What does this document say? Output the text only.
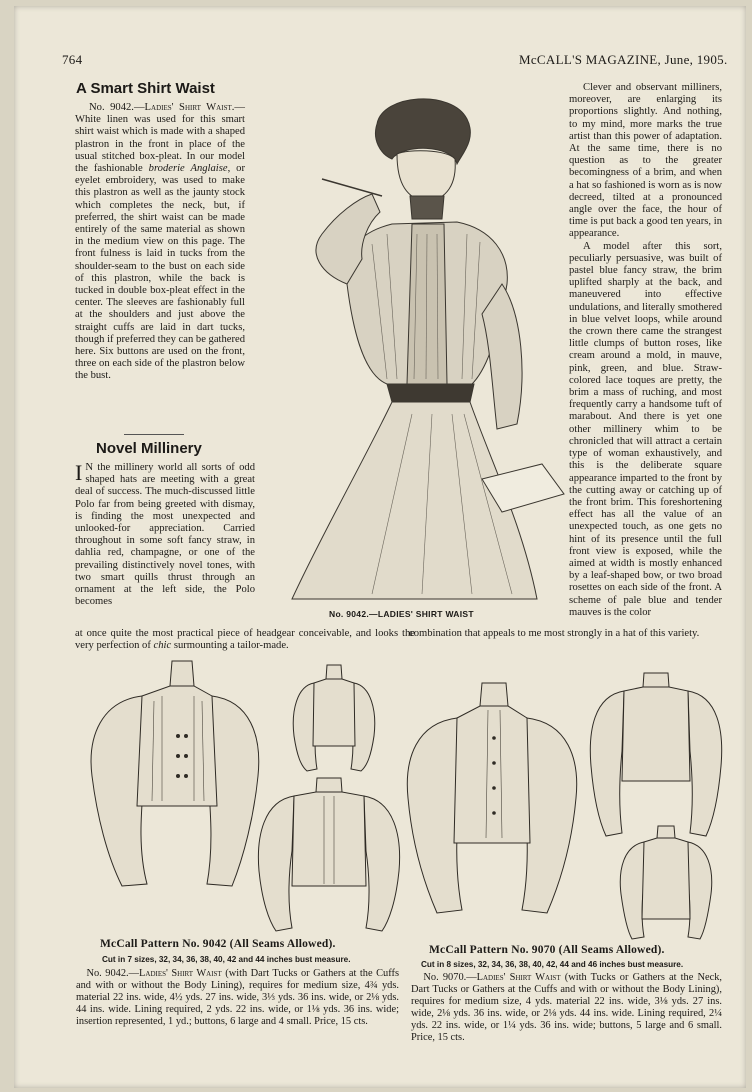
764	McCALL'S MAGAZINE, June, 1905.
A Smart Shirt Waist

No. 9042.—Ladies' Shirt Waist.—White linen was used for this smart shirt waist which is made with a shaped plastron in the front in place of the usual stitched box-pleat. In our model the fashionable broderie Anglaise, or eyelet embroidery, was used to make this plastron as well as the jaunty stock which completes the neck, but, if preferred, the shirt waist can be made entirely of the same material as shown in the medium view on this page. The front fulness is laid in tucks from the shoulder-seam to the bust on each side of this plastron, while the back is tucked in double box-pleat effect in the center. The sleeves are fashionably full at the shoulders and just above the straight cuffs are laid in dart tucks, though if preferred they can be gathered here. Six buttons are used on the front, three on each side of the plastron below the bust.

Novel Millinery

I N the millinery world all sorts of odd shaped hats are meeting with a great deal of success. The much-discussed little Polo far from being greeted with dismay, is finding the most unexpected and unlooked-for appreciation. Carried throughout in some soft fancy straw, in dahlia red, champagne, or one of the prevailing distinctively novel tones, with two smart quills thrust through an ornament at the left side, the Polo becomes

at once quite the most practical piece of headgear conceivable, and looks the very perfection of chic surmounting a tailor-made.

Clever and observant milliners, moreover, are enlarging its proportions slightly. And nothing, to my mind, more marks the true artist than this power of adaptation. At the same time, there is no question as to the greater becomingness of a brim, and when a hat so fashioned is worn as is now decreed, tilted at a pronounced angle over the face, the hour of time is put back a good ten years, in appearance.

A model after this sort, peculiarly persuasive, was built of pastel blue fancy straw, the brim uplifted sharply at the back, and maneuvered into effective undulations, and literally smothered in blue velvet loops, while around the crown there came the strangest little clumps of button roses, like cream around a mold, in mauve, pink, green, and blue. Straw-colored lace toques are pretty, the brim a mass of ruching, and most frequently carry a handsome tuft of marabout. And there is yet one other millinery whim to be chronicled that will attract a certain type of woman exhaustively, and this is the deliberate square appearance imparted to the front by the cutting away or catching up of the front brim. This foreshortening effect has all the value of an unexpected touch, as one gets no hint of its presence until the full front view is exposed, while the aimed at width is mostly enhanced by a leaf-shaped bow, or two broad rosettes on each side of the front. A scheme of pale blue and tender mauves is the color

combination that appeals to me most strongly in a hat of this variety.
No. 9042.—LADIES' SHIRT WAIST
McCall Pattern No. 9042 (All Seams Allowed).
Cut in 7 sizes, 32, 34, 36, 38, 40, 42 and 44 inches bust measure.
No. 9042.—Ladies' Shirt Waist (with Dart Tucks or Gathers at the Cuffs and with or without the Body Lining), requires for medium size, 4¾ yds. material 22 ins. wide, 4½ yds. 27 ins. wide, 3⅓ yds. 36 ins. wide, or 2⅛ yds. 44 ins. wide. Lining required, 2 yds. 22 ins. wide, or 1⅛ yds. 36 ins. wide; insertion represented, 1 yd.; buttons, 6 large and 4 small. Price, 15 cts.
McCall Pattern No. 9070 (All Seams Allowed).
Cut in 8 sizes, 32, 34, 36, 38, 40, 42, 44 and 46 inches bust measure.
No. 9070.—Ladies' Shirt Waist (with Tucks or Gathers at the Neck, Dart Tucks or Gathers at the Cuffs and with or without the Body Lining), requires for medium size, 4 yds. material 22 ins. wide, 3⅛ yds. 27 ins. wide, 2⅛ yds. 36 ins. wide, or 2⅛ yds. 44 ins. wide. Lining required, 2¼ yds. 22 ins. wide, or 1¼ yds. 36 ins. wide; buttons, 5 large and 6 small. Price, 15 cts.
